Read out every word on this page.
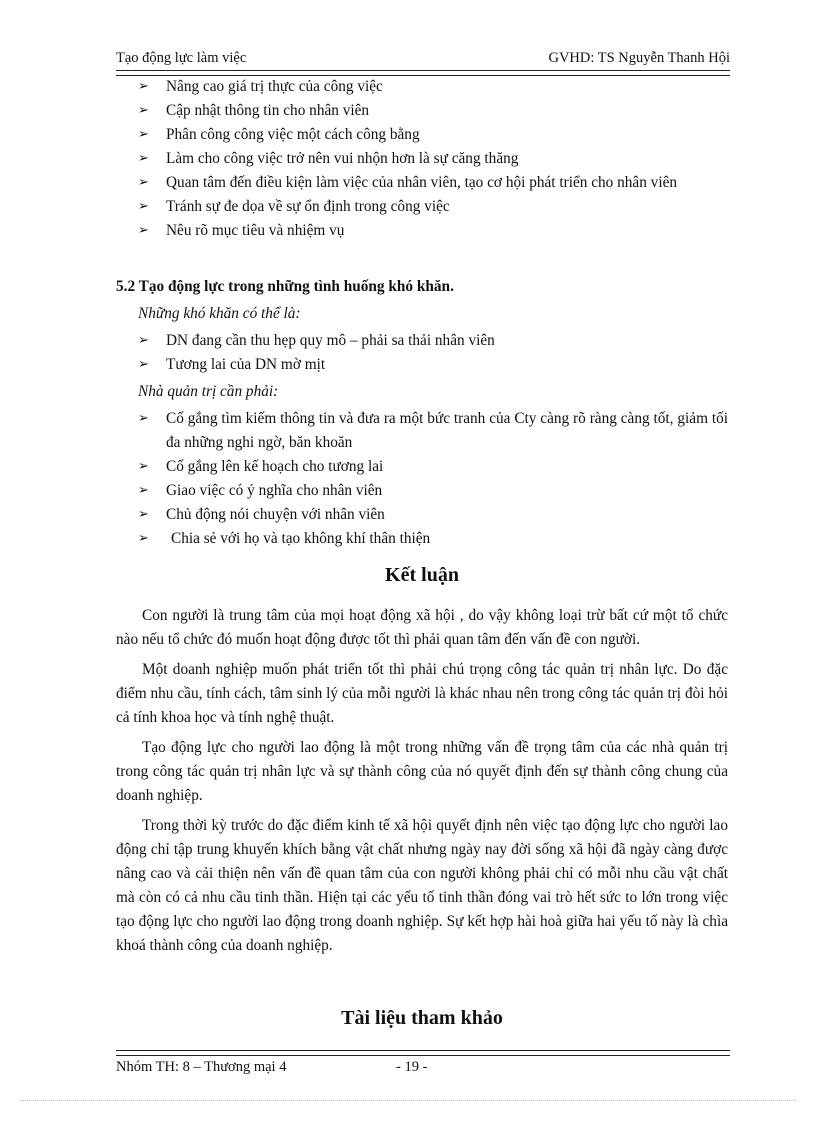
Tạo động lực làm việc	GVHD: TS Nguyễn Thanh Hội
➢ Nâng cao giá trị thực của công việc
➢ Cập nhật thông tin cho nhân viên
➢ Phân công công việc một cách công bằng
➢ Làm cho công việc trở nên vui nhộn hơn là sự căng thăng
➢ Quan tâm đến điều kiện làm việc của nhân viên, tạo cơ hội phát triển cho nhân viên
➢ Tránh sự đe dọa về sự ổn định trong công việc
➢ Nêu rõ mục tiêu và nhiệm vụ
5.2 Tạo động lực trong những tình huống khó khăn.
Những khó khăn có thể là:
➢ DN đang cần thu hẹp quy mô – phải sa thải nhân viên
➢ Tương lai của DN mờ mịt
Nhà quản trị cần phải:
➢ Cố gắng tìm kiếm thông tin và đưa ra một bức tranh của Cty càng rõ ràng càng tốt, giảm tối đa những nghi ngờ, băn khoăn
➢ Cố gắng lên kế hoạch cho tương lai
➢ Giao việc có ý nghĩa cho nhân viên
➢ Chủ động nói chuyện với nhân viên
➢ Chia sẻ với họ và tạo không khí thân thiện
Kết luận

Con người là trung tâm của mọi hoạt động xã hội , do vậy không loại trừ bất cứ một tổ chức nào nếu tổ chức đó muốn hoạt động được tốt thì phải quan tâm đến vấn đề con người.

Một doanh nghiệp muốn phát triển tốt thì phải chú trọng công tác quản trị nhân lực. Do đặc điểm nhu cầu, tính cách, tâm sinh lý của mỗi người là khác nhau nên trong công tác quản trị đòi hỏi cả tính khoa học và tính nghệ thuật.

Tạo động lực cho người lao động là một trong những vấn đề trọng tâm của các nhà quản trị trong công tác quản trị nhân lực và sự thành công của nó quyết định đến sự thành công chung của doanh nghiệp.

Trong thời kỳ trước do đặc điểm kinh tế xã hội quyết định nên việc tạo động lực cho người lao động chỉ tập trung khuyến khích bằng vật chất nhưng ngày nay đời sống xã hội đã ngày càng được nâng cao và cải thiện nên vấn đề quan tâm của con người không phải chỉ có mỗi nhu cầu vật chất mà còn có cả nhu cầu tinh thần. Hiện tại các yếu tố tinh thần đóng vai trò hết sức to lớn trong việc tạo động lực cho người lao động trong doanh nghiệp. Sự kết hợp hài hoà giữa hai yếu tố này là chìa khoá thành công của doanh nghiệp.

Tài liệu tham khảo
Nhóm TH: 8 – Thương mại 4	- 19 -
